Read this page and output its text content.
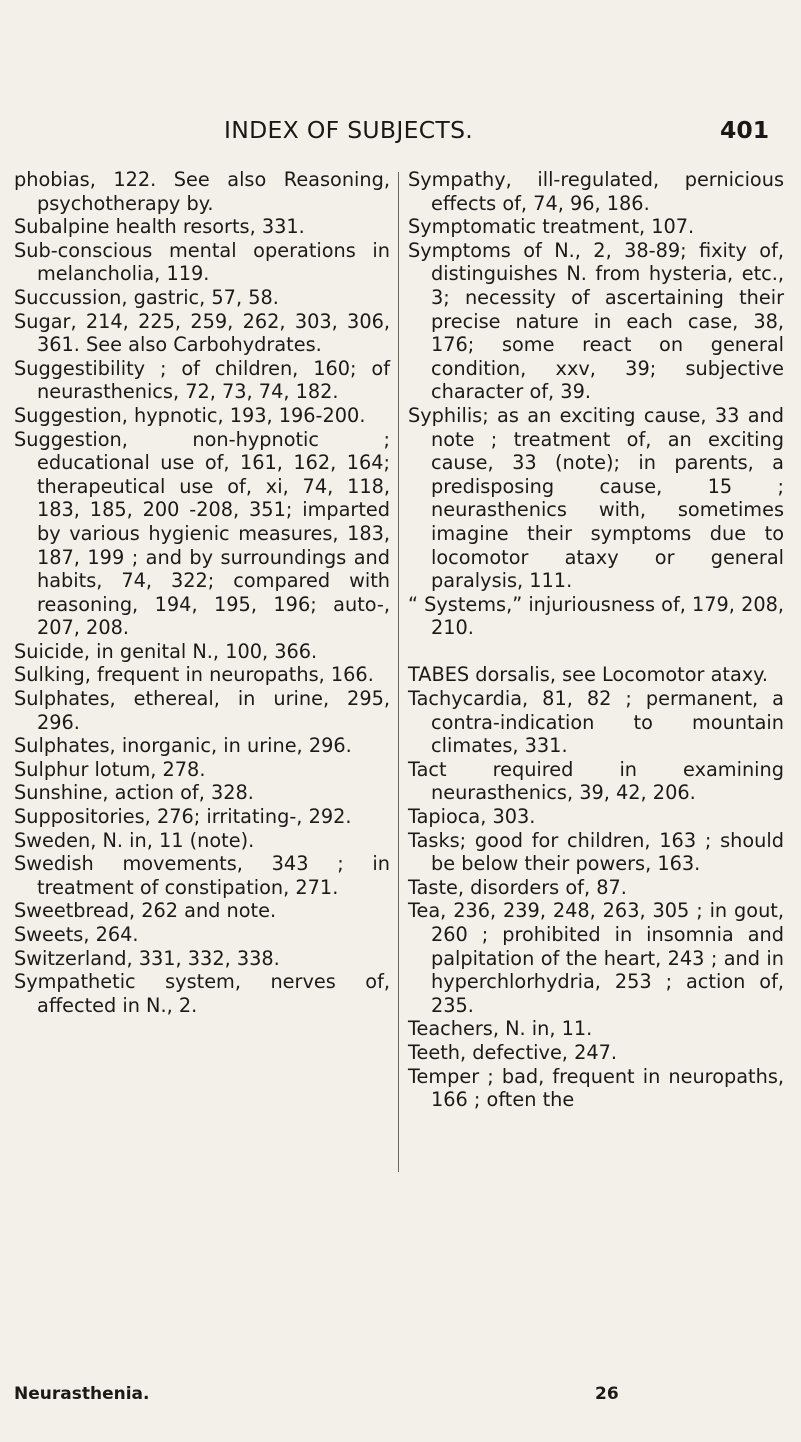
INDEX OF SUBJECTS.	401

phobias, 122. See also Reasoning, psychotherapy by.

Subalpine health resorts, 331.

Sub-conscious mental operations in melancholia, 119.

Succussion, gastric, 57, 58.

Sugar, 214, 225, 259, 262, 303, 306, 361. See also Carbohydrates.

Suggestibility ; of children, 160; of neurasthenics, 72, 73, 74, 182.

Suggestion, hypnotic, 193, 196-200.

Suggestion, non-hypnotic ; educational use of, 161, 162, 164; therapeutical use of, xi, 74, 118, 183, 185, 200 -208, 351; imparted by various hygienic measures, 183, 187, 199 ; and by surroundings and habits, 74, 322; compared with reasoning, 194, 195, 196; auto-, 207, 208.

Suicide, in genital N., 100, 366.

Sulking, frequent in neuropaths, 166.

Sulphates, ethereal, in urine, 295, 296.

Sulphates, inorganic, in urine, 296.

Sulphur lotum, 278.

Sunshine, action of, 328.

Suppositories, 276; irritating-, 292.

Sweden, N. in, 11 (note).

Swedish movements, 343 ; in treatment of constipation, 271.

Sweetbread, 262 and note.

Sweets, 264.

Switzerland, 331, 332, 338.

Sympathetic system, nerves of, affected in N., 2.

Sympathy, ill-regulated, pernicious effects of, 74, 96, 186.

Symptomatic treatment, 107.

Symptoms of N., 2, 38-89; fixity of, distinguishes N. from hysteria, etc., 3; necessity of ascertaining their precise nature in each case, 38, 176; some react on general condition, xxv, 39; subjective character of, 39.

Syphilis; as an exciting cause, 33 and note ; treatment of, an exciting cause, 33 (note); in parents, a predisposing cause, 15 ; neurasthenics with, sometimes imagine their symptoms due to locomotor ataxy or general paralysis, 111.

“ Systems,” injuriousness of, 179, 208, 210.

TABES dorsalis, see Locomotor ataxy.

Tachycardia, 81, 82 ; permanent, a contra-indication to mountain climates, 331.

Tact required in examining neurasthenics, 39, 42, 206.

Tapioca, 303.

Tasks; good for children, 163 ; should be below their powers, 163.

Taste, disorders of, 87.

Tea, 236, 239, 248, 263, 305 ; in gout, 260 ; prohibited in insomnia and palpitation of the heart, 243 ; and in hyperchlorhydria, 253 ; action of, 235.

Teachers, N. in, 11.

Teeth, defective, 247.

Temper ; bad, frequent in neuropaths, 166 ; often the

Neurasthenia.	26
